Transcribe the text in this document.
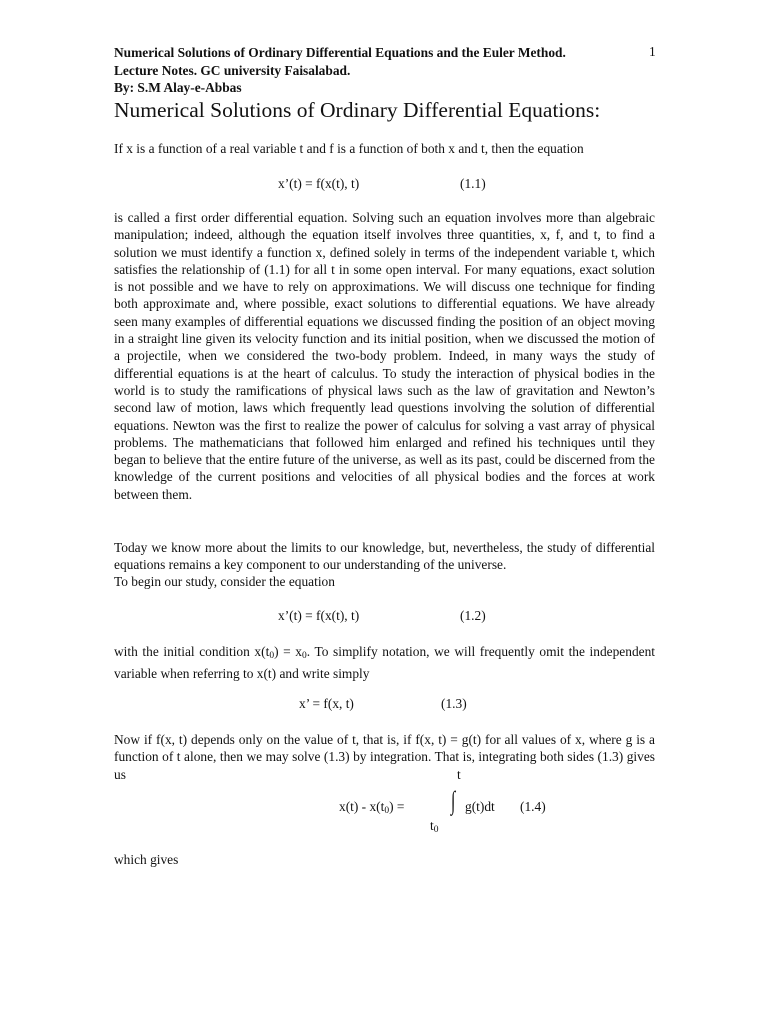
Numerical Solutions of Ordinary Differential Equations and the Euler Method.	1
Lecture Notes. GC university Faisalabad.
By: S.M Alay-e-Abbas
Numerical Solutions of Ordinary Differential Equations:
If x is a function of a real variable t and f is a function of both x and t, then the equation
x’(t) = f(x(t), t)	(1.1)
is called a first order differential equation. Solving such an equation involves more than algebraic manipulation; indeed, although the equation itself involves three quantities, x, f, and t, to find a solution we must identify a function x, defined solely in terms of the independent variable t, which satisfies the relationship of (1.1) for all t in some open interval. For many equations, exact solution is not possible and we have to rely on approximations. We will discuss one technique for finding both approximate and, where possible, exact solutions to differential equations. We have already seen many examples of differential equations we discussed finding the position of an object moving in a straight line given its velocity function and its initial position, when we discussed the motion of a projectile, when we considered the two-body problem. Indeed, in many ways the study of differential equations is at the heart of calculus. To study the interaction of physical bodies in the world is to study the ramifications of physical laws such as the law of gravitation and Newton’s second law of motion, laws which frequently lead questions involving the solution of differential equations. Newton was the first to realize the power of calculus for solving a vast array of physical problems. The mathematicians that followed him enlarged and refined his techniques until they began to believe that the entire future of the universe, as well as its past, could be discerned from the knowledge of the current positions and velocities of all physical bodies and the forces at work between them.
Today we know more about the limits to our knowledge, but, nevertheless, the study of differential equations remains a key component to our understanding of the universe.
To begin our study, consider the equation
x’(t) = f(x(t), t)	(1.2)
with the initial condition $x(t_0) = x_0$. To simplify notation, we will frequently omit the independent variable when referring to x(t) and write simply
x’ = f(x, t)	(1.3)
Now if f(x, t) depends only on the value of t, that is, if f(x, t) = g(t) for all values of x, where g is a function of t alone, then we may solve (1.3) by integration. That is, integrating both sides (1.3) gives us	t
$x(t) - x(t_0)$ = ∫ g(t)dt (1.4)
$t_0$
which gives
